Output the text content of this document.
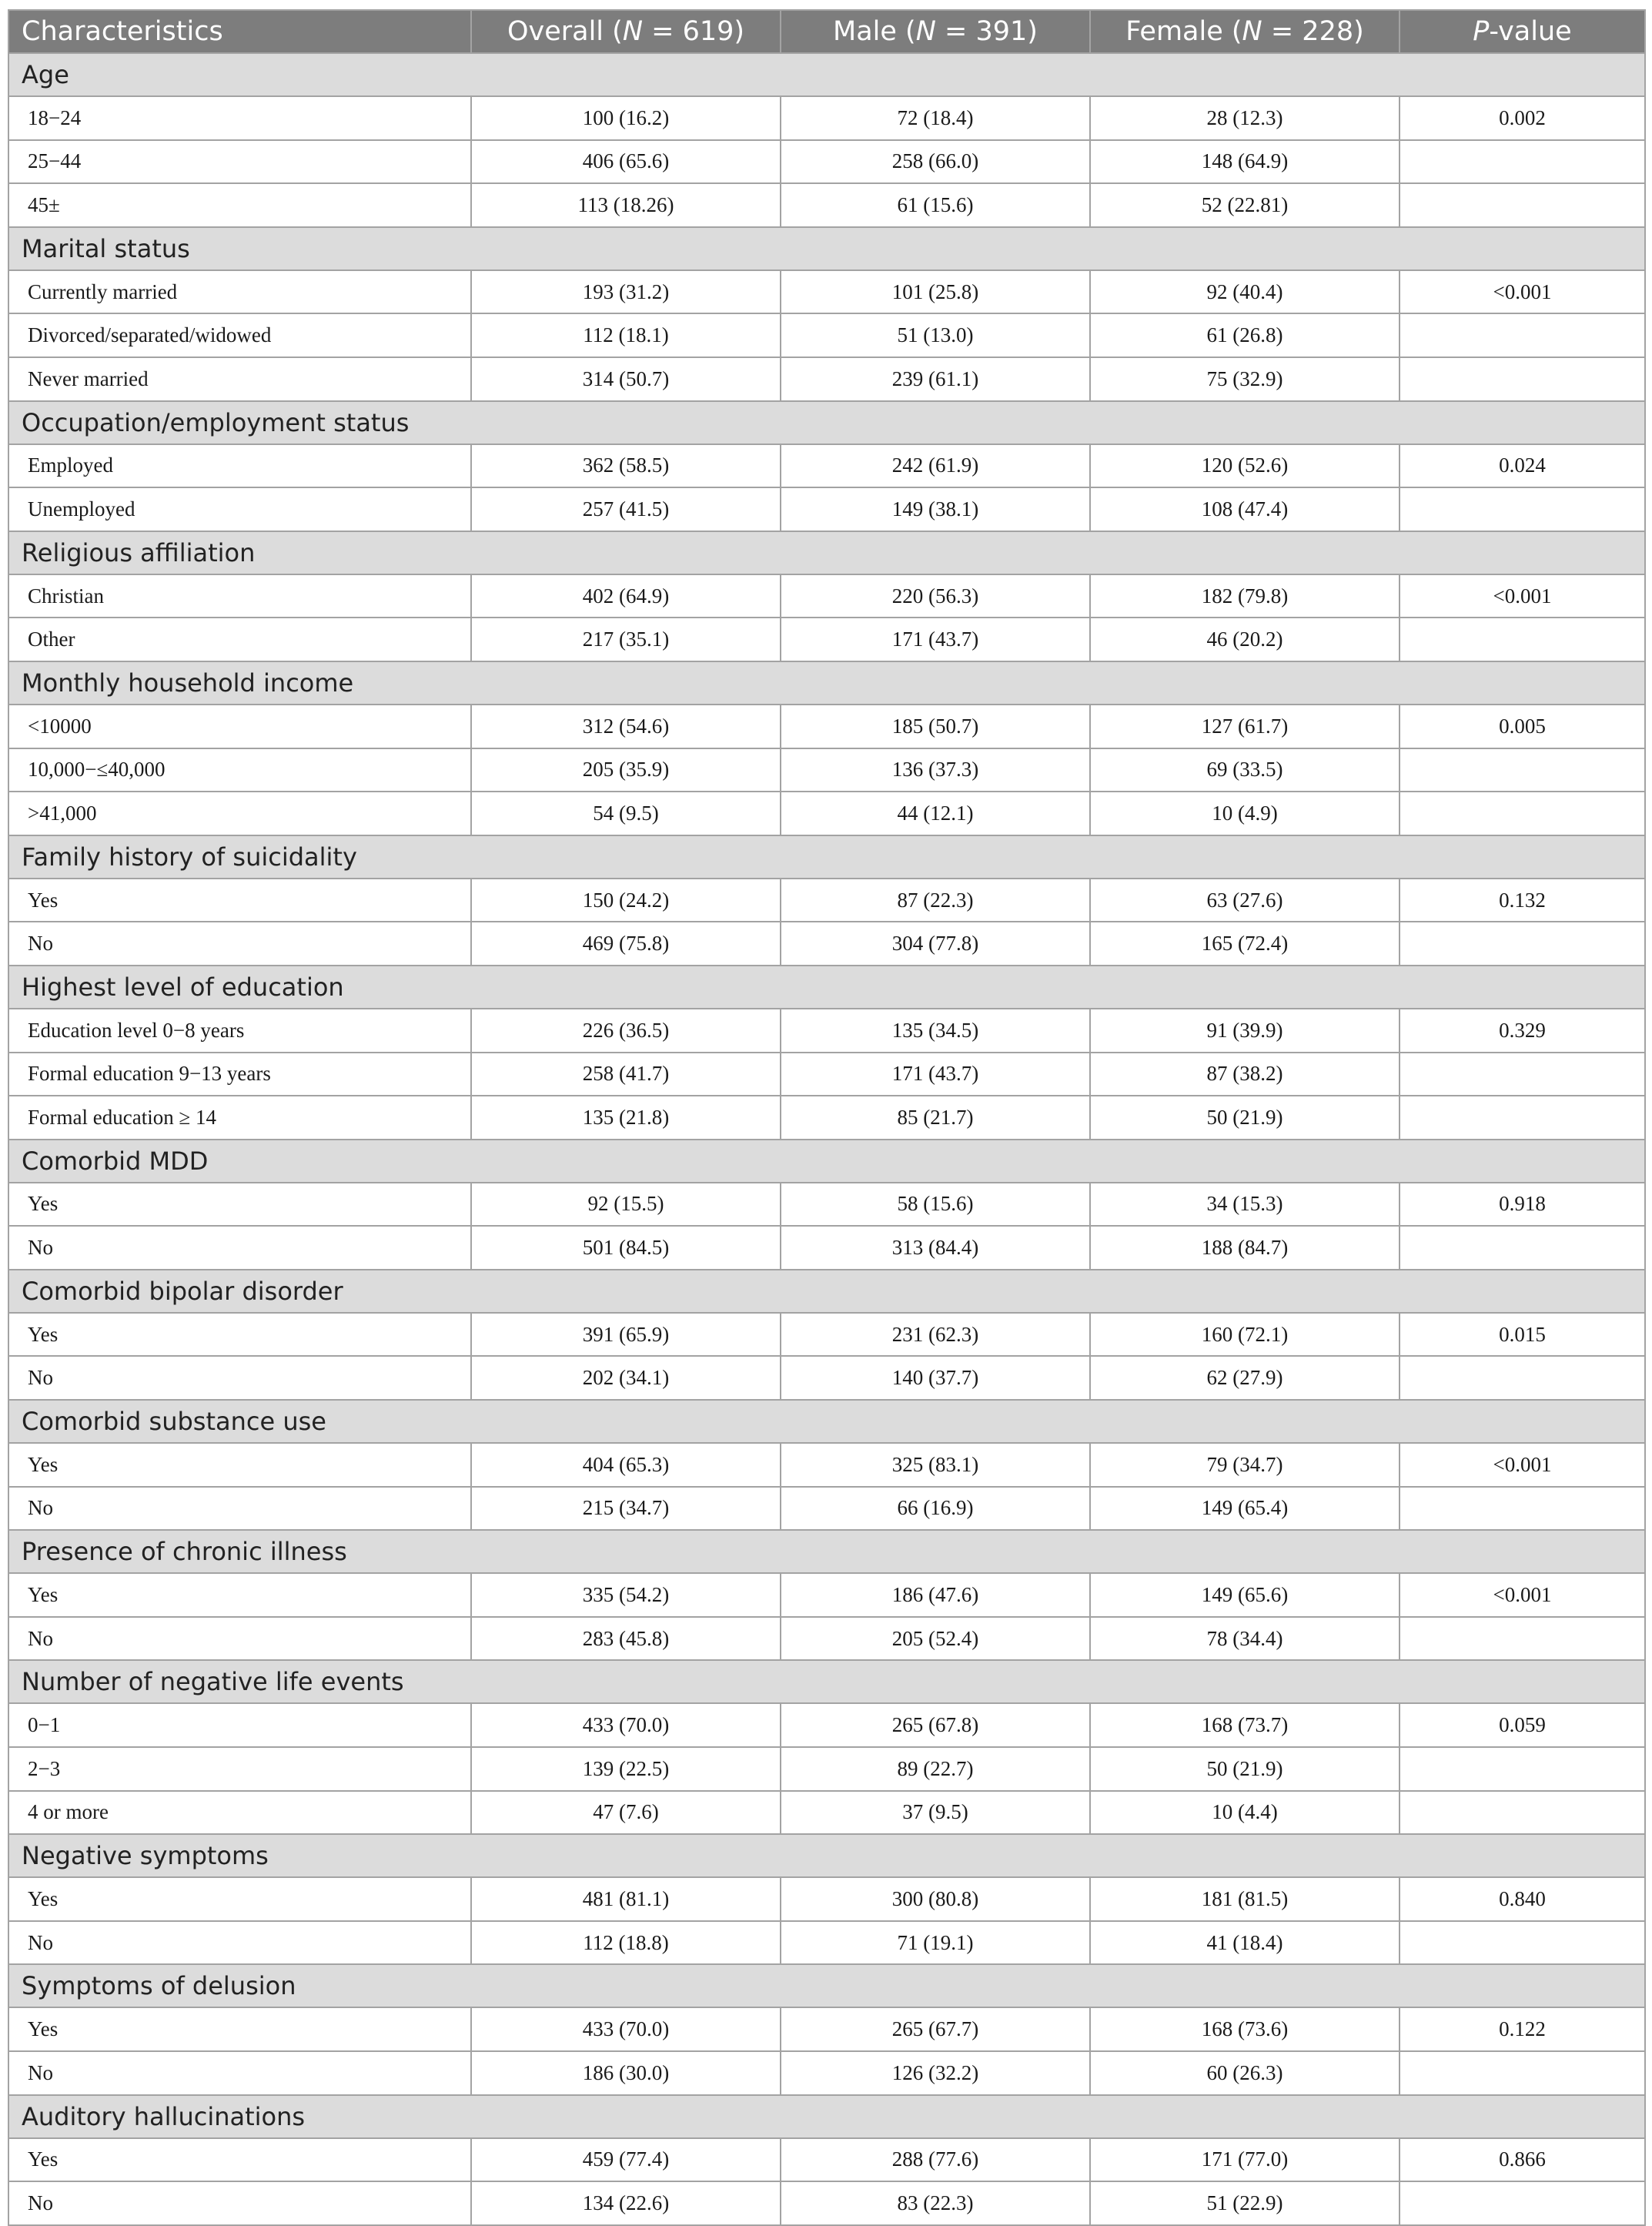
Characteristics	Overall (N = 619)	Male (N = 391)	Female (N = 228)	P-value
Age				
18−24	100 (16.2)	72 (18.4)	28 (12.3)	0.002
25−44	406 (65.6)	258 (66.0)	148 (64.9)	
45±	113 (18.26)	61 (15.6)	52 (22.81)	
Marital status				
Currently married	193 (31.2)	101 (25.8)	92 (40.4)	<0.001
Divorced/separated/widowed	112 (18.1)	51 (13.0)	61 (26.8)	
Never married	314 (50.7)	239 (61.1)	75 (32.9)	
Occupation/employment status				
Employed	362 (58.5)	242 (61.9)	120 (52.6)	0.024
Unemployed	257 (41.5)	149 (38.1)	108 (47.4)	
Religious affiliation				
Christian	402 (64.9)	220 (56.3)	182 (79.8)	<0.001
Other	217 (35.1)	171 (43.7)	46 (20.2)	
Monthly household income				
<10000	312 (54.6)	185 (50.7)	127 (61.7)	0.005
10,000−≤40,000	205 (35.9)	136 (37.3)	69 (33.5)	
>41,000	54 (9.5)	44 (12.1)	10 (4.9)	
Family history of suicidality				
Yes	150 (24.2)	87 (22.3)	63 (27.6)	0.132
No	469 (75.8)	304 (77.8)	165 (72.4)	
Highest level of education				
Education level 0−8 years	226 (36.5)	135 (34.5)	91 (39.9)	0.329
Formal education 9−13 years	258 (41.7)	171 (43.7)	87 (38.2)	
Formal education ≥ 14	135 (21.8)	85 (21.7)	50 (21.9)	
Comorbid MDD				
Yes	92 (15.5)	58 (15.6)	34 (15.3)	0.918
No	501 (84.5)	313 (84.4)	188 (84.7)	
Comorbid bipolar disorder				
Yes	391 (65.9)	231 (62.3)	160 (72.1)	0.015
No	202 (34.1)	140 (37.7)	62 (27.9)	
Comorbid substance use				
Yes	404 (65.3)	325 (83.1)	79 (34.7)	<0.001
No	215 (34.7)	66 (16.9)	149 (65.4)	
Presence of chronic illness				
Yes	335 (54.2)	186 (47.6)	149 (65.6)	<0.001
No	283 (45.8)	205 (52.4)	78 (34.4)	
Number of negative life events				
0−1	433 (70.0)	265 (67.8)	168 (73.7)	0.059
2−3	139 (22.5)	89 (22.7)	50 (21.9)	
4 or more	47 (7.6)	37 (9.5)	10 (4.4)	
Negative symptoms				
Yes	481 (81.1)	300 (80.8)	181 (81.5)	0.840
No	112 (18.8)	71 (19.1)	41 (18.4)	
Symptoms of delusion				
Yes	433 (70.0)	265 (67.7)	168 (73.6)	0.122
No	186 (30.0)	126 (32.2)	60 (26.3)	
Auditory hallucinations				
Yes	459 (77.4)	288 (77.6)	171 (77.0)	0.866
No	134 (22.6)	83 (22.3)	51 (22.9)	
